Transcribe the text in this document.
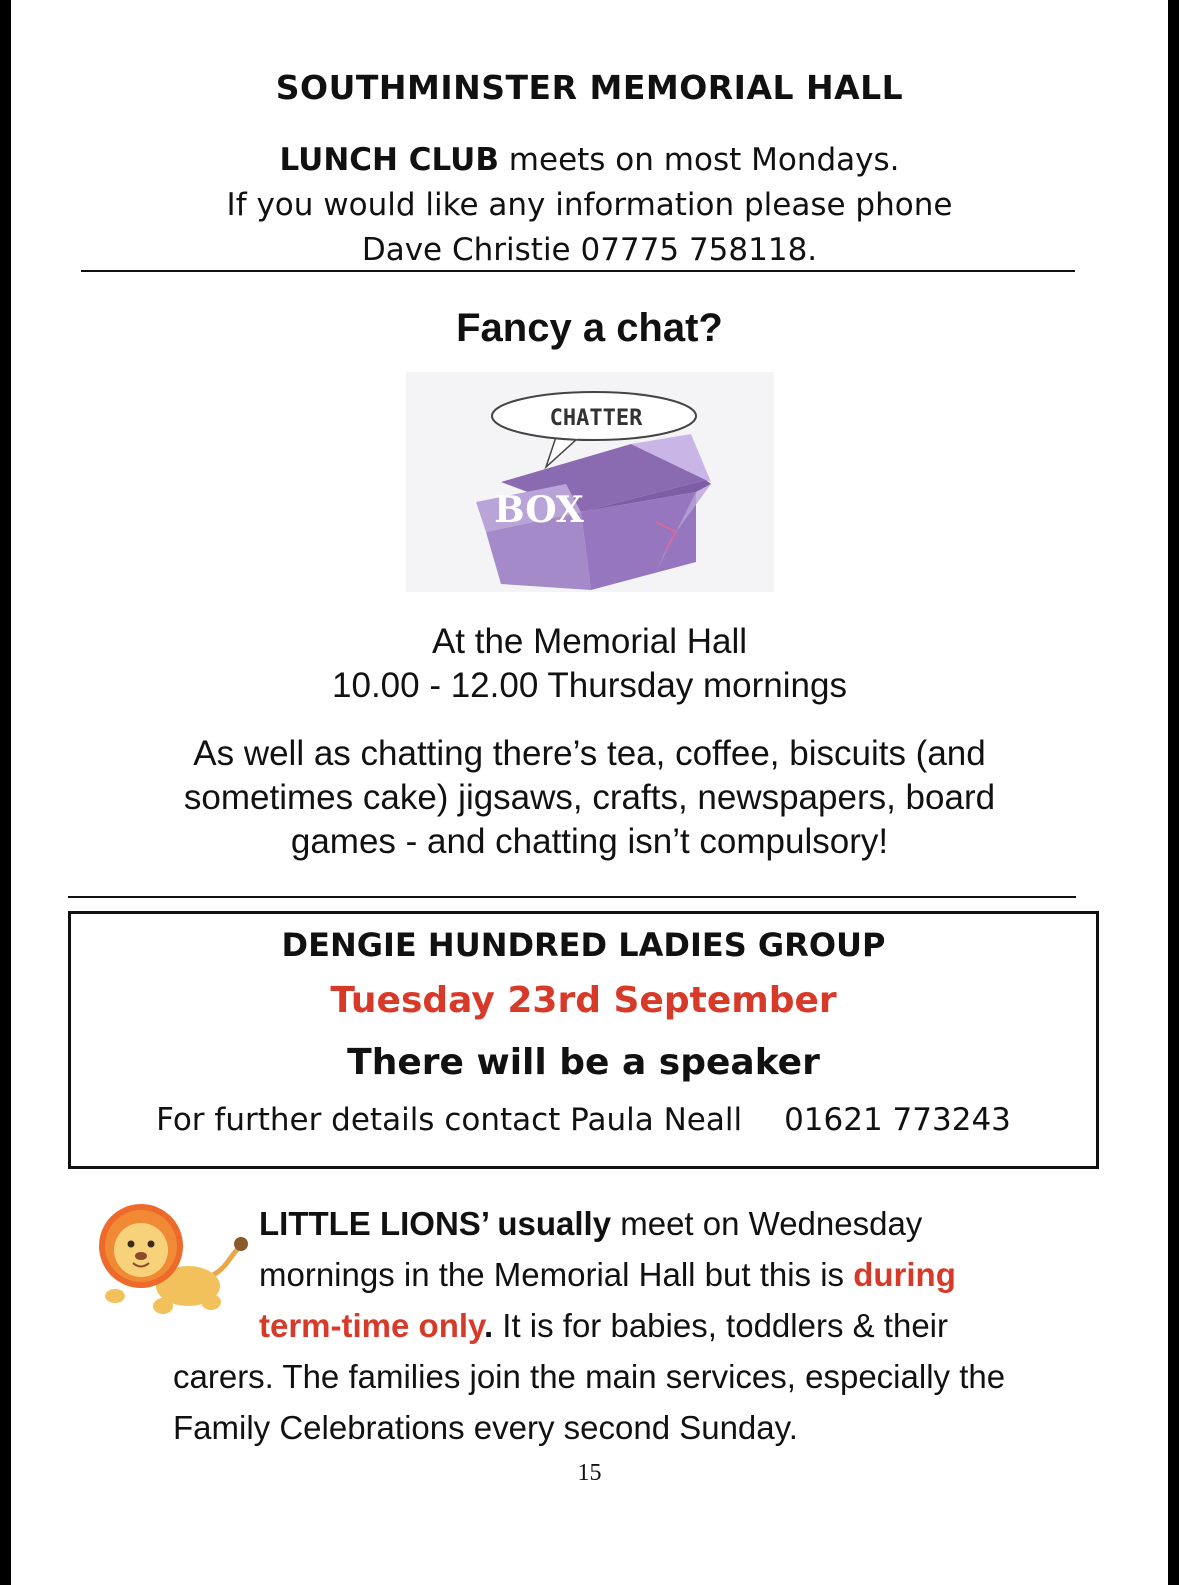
SOUTHMINSTER MEMORIAL HALL
LUNCH CLUB meets on most Mondays.
If you would like any information please phone
Dave Christie 07775 758118.
Fancy a chat?
CHATTER
BOX
At the Memorial Hall
10.00 - 12.00 Thursday mornings
As well as chatting there’s tea, coffee, biscuits (and
sometimes cake) jigsaws, crafts, newspapers, board
games - and chatting isn’t compulsory!
DENGIE HUNDRED LADIES GROUP
Tuesday 23rd September
There will be a speaker
For further details contact Paula Neall 01621 773243
LITTLE LIONS’ usually meet on Wednesday
mornings in the Memorial Hall but this is during
term-time only. It is for babies, toddlers & their
carers. The families join the main services, especially the
Family Celebrations every second Sunday.
15
